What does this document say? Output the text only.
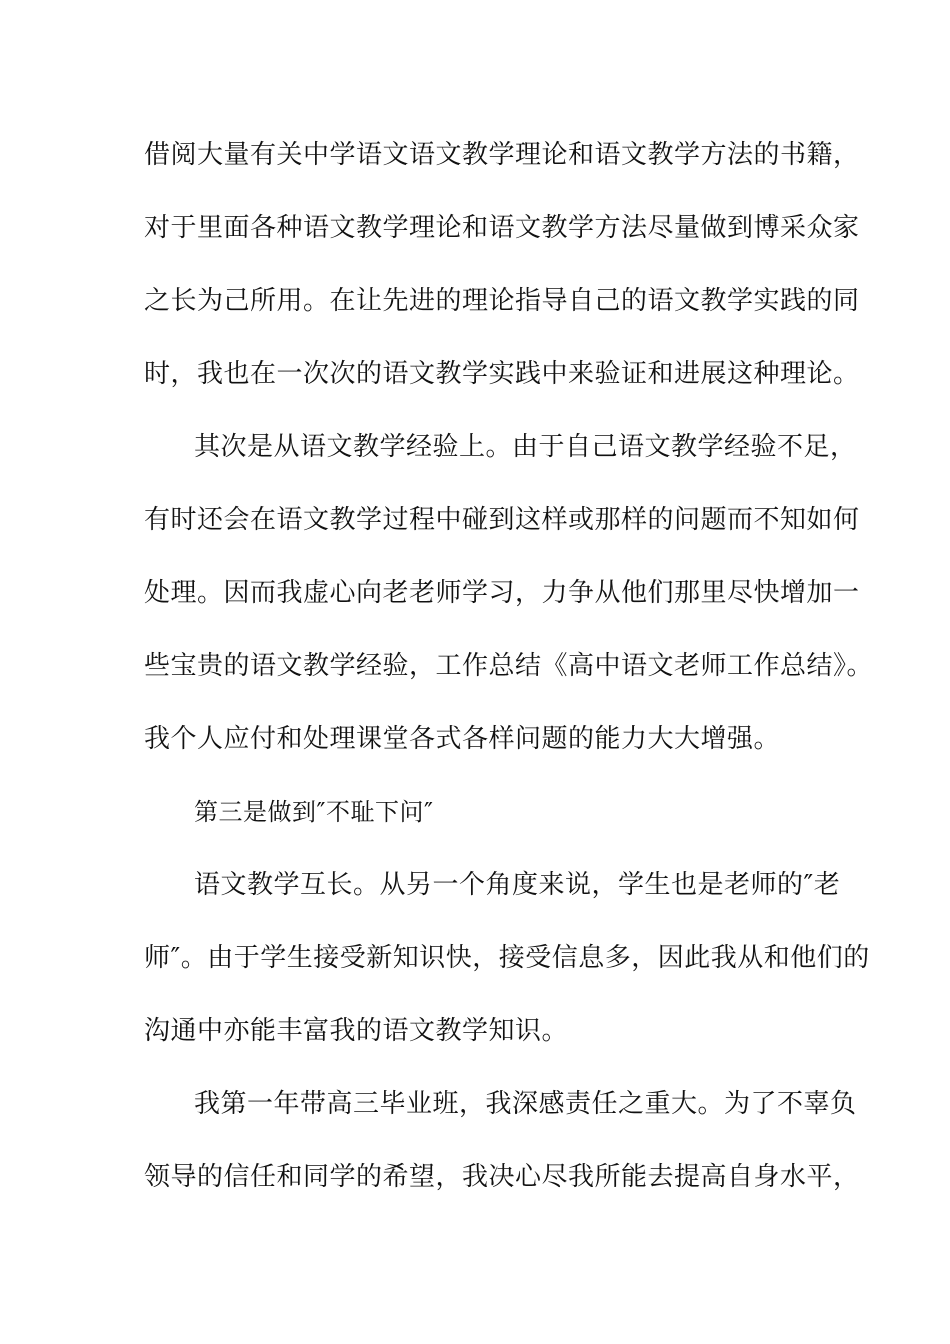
借阅大量有关中学语文语文教学理论和语文教学方法的书籍，
对于里面各种语文教学理论和语文教学方法尽量做到博采众家
之长为己所用。在让先进的理论指导自己的语文教学实践的同
时，我也在一次次的语文教学实践中来验证和进展这种理论。
其次是从语文教学经验上。由于自己语文教学经验不足，
有时还会在语文教学过程中碰到这样或那样的问题而不知如何
处理。因而我虚心向老老师学习，力争从他们那里尽快增加一
些宝贵的语文教学经验，工作总结《高中语文老师工作总结》。
我个人应付和处理课堂各式各样问题的能力大大增强。
第三是做到″不耻下问″
语文教学互长。从另一个角度来说，学生也是老师的″老
师″。由于学生接受新知识快，接受信息多，因此我从和他们的
沟通中亦能丰富我的语文教学知识。
我第一年带高三毕业班，我深感责任之重大。为了不辜负
领导的信任和同学的希望，我决心尽我所能去提高自身水平，
